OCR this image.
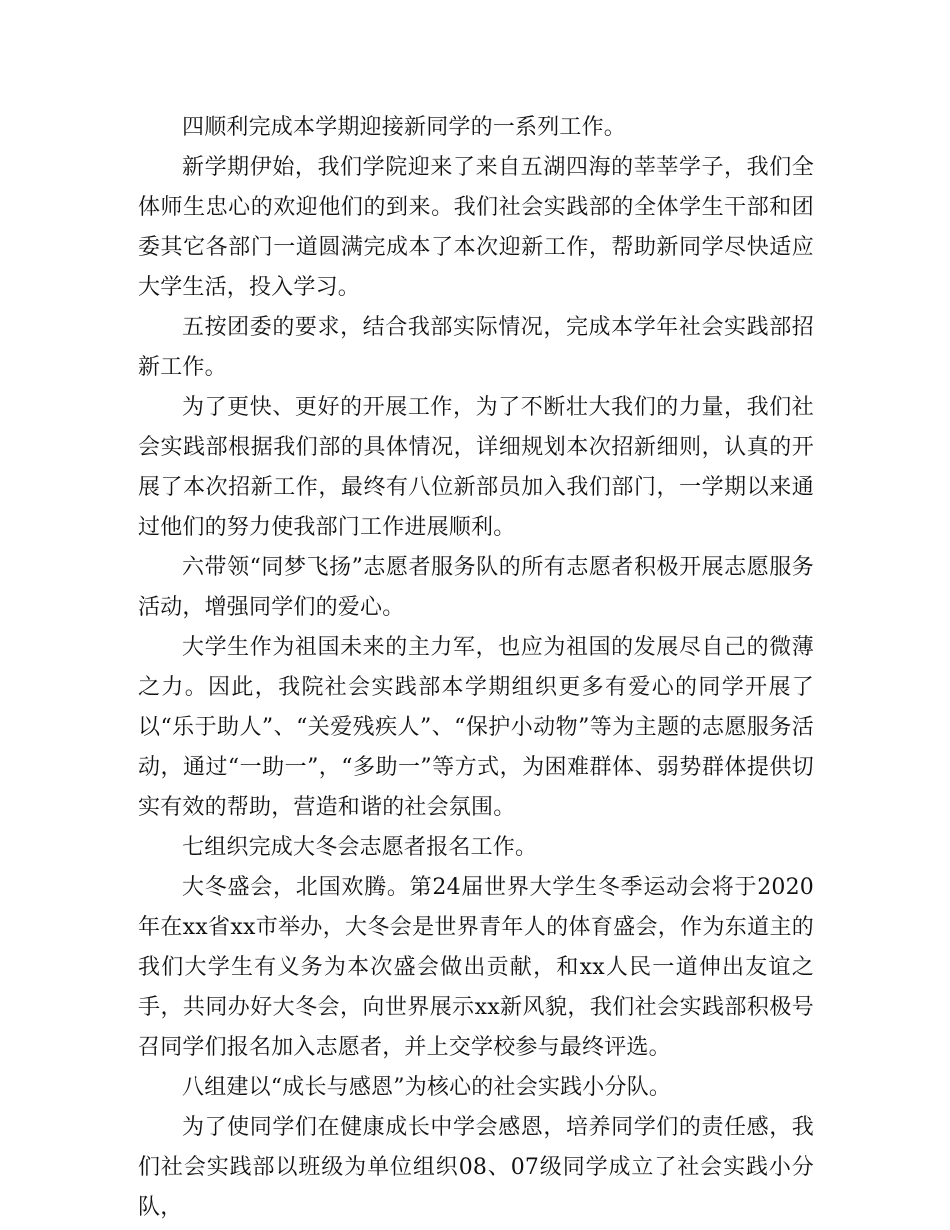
四顺利完成本学期迎接新同学的一系列工作。

新学期伊始，我们学院迎来了来自五湖四海的莘莘学子，我们全体师生忠心的欢迎他们的到来。我们社会实践部的全体学生干部和团委其它各部门一道圆满完成本了本次迎新工作，帮助新同学尽快适应大学生活，投入学习。

五按团委的要求，结合我部实际情况，完成本学年社会实践部招新工作。

为了更快、更好的开展工作，为了不断壮大我们的力量，我们社会实践部根据我们部的具体情况，详细规划本次招新细则，认真的开展了本次招新工作，最终有八位新部员加入我们部门，一学期以来通过他们的努力使我部门工作进展顺利。

六带领“同梦飞扬”志愿者服务队的所有志愿者积极开展志愿服务活动，增强同学们的爱心。

大学生作为祖国未来的主力军，也应为祖国的发展尽自己的微薄之力。因此，我院社会实践部本学期组织更多有爱心的同学开展了以“乐于助人”、“关爱残疾人”、“保护小动物”等为主题的志愿服务活动，通过“一助一”，“多助一”等方式，为困难群体、弱势群体提供切实有效的帮助，营造和谐的社会氛围。

七组织完成大冬会志愿者报名工作。

大冬盛会，北国欢腾。第24届世界大学生冬季运动会将于2020年在xx省xx市举办，大冬会是世界青年人的体育盛会，作为东道主的我们大学生有义务为本次盛会做出贡献，和xx人民一道伸出友谊之手，共同办好大冬会，向世界展示xx新风貌，我们社会实践部积极号召同学们报名加入志愿者，并上交学校参与最终评选。

八组建以“成长与感恩”为核心的社会实践小分队。

为了使同学们在健康成长中学会感恩，培养同学们的责任感，我们社会实践部以班级为单位组织08、07级同学成立了社会实践小分队，
